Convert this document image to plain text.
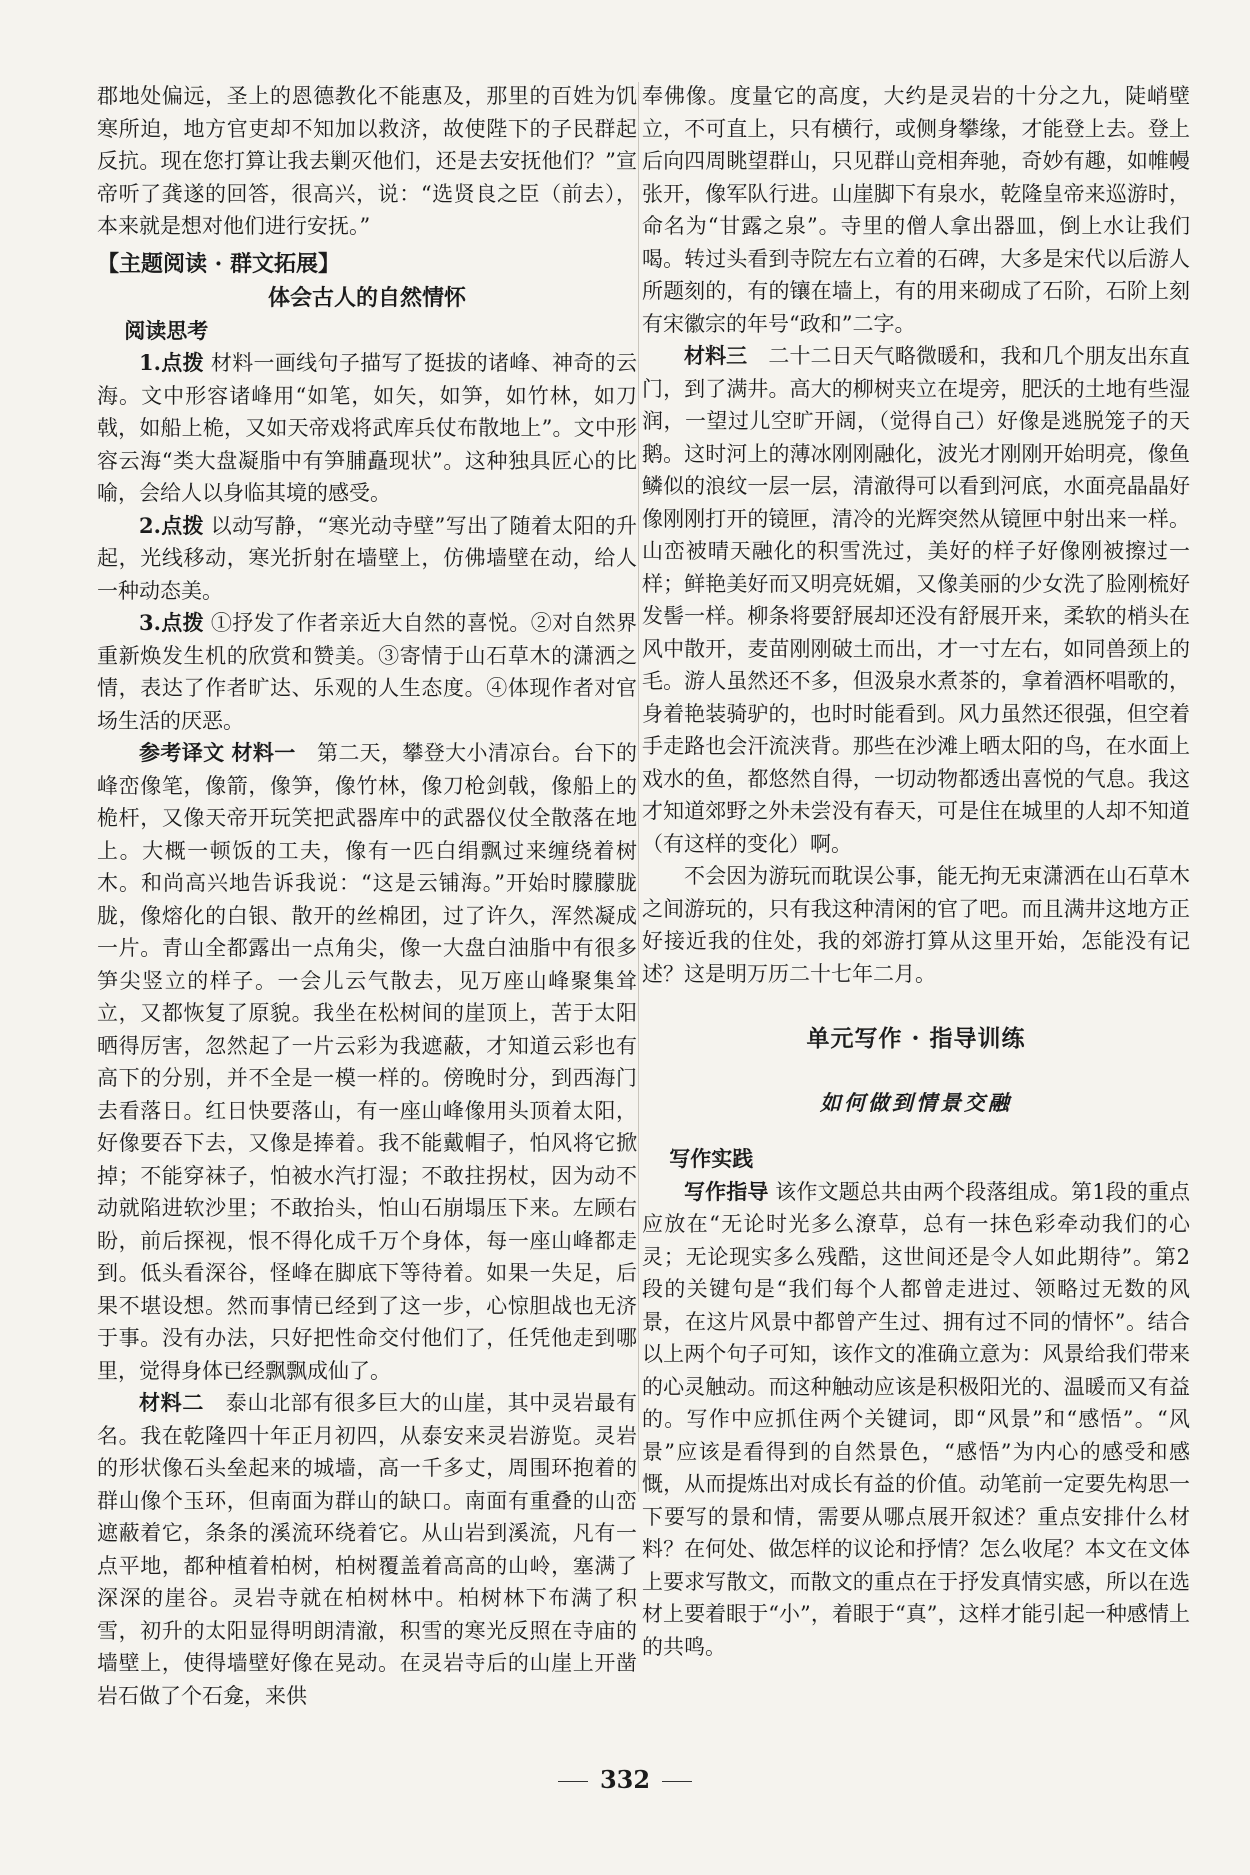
郡地处偏远，圣上的恩德教化不能惠及，那里的百姓为饥寒所迫，地方官吏却不知加以救济，故使陛下的子民群起反抗。现在您打算让我去剿灭他们，还是去安抚他们？”宣帝听了龚遂的回答，很高兴，说：“选贤良之臣（前去），本来就是想对他们进行安抚。”

【主题阅读 · 群文拓展】
体会古人的自然情怀
阅读思考

1.点拨 材料一画线句子描写了挺拔的诸峰、神奇的云海。文中形容诸峰用“如笔，如矢，如笋，如竹林，如刀戟，如船上桅，又如天帝戏将武库兵仗布散地上”。文中形容云海“类大盘凝脂中有笋脯矗现状”。这种独具匠心的比喻，会给人以身临其境的感受。

2.点拨 以动写静，“寒光动寺壁”写出了随着太阳的升起，光线移动，寒光折射在墙壁上，仿佛墙壁在动，给人一种动态美。

3.点拨 ①抒发了作者亲近大自然的喜悦。②对自然界重新焕发生机的欣赏和赞美。③寄情于山石草木的潇洒之情，表达了作者旷达、乐观的人生态度。④体现作者对官场生活的厌恶。

参考译文 材料一　第二天，攀登大小清凉台。台下的峰峦像笔，像箭，像笋，像竹林，像刀枪剑戟，像船上的桅杆，又像天帝开玩笑把武器库中的武器仪仗全散落在地上。大概一顿饭的工夫，像有一匹白绢飘过来缠绕着树木。和尚高兴地告诉我说：“这是云铺海。”开始时朦朦胧胧，像熔化的白银、散开的丝棉团，过了许久，浑然凝成一片。青山全都露出一点角尖，像一大盘白油脂中有很多笋尖竖立的样子。一会儿云气散去，见万座山峰聚集耸立，又都恢复了原貌。我坐在松树间的崖顶上，苦于太阳晒得厉害，忽然起了一片云彩为我遮蔽，才知道云彩也有高下的分别，并不全是一模一样的。傍晚时分，到西海门去看落日。红日快要落山，有一座山峰像用头顶着太阳，好像要吞下去，又像是捧着。我不能戴帽子，怕风将它掀掉；不能穿袜子，怕被水汽打湿；不敢拄拐杖，因为动不动就陷进软沙里；不敢抬头，怕山石崩塌压下来。左顾右盼，前后探视，恨不得化成千万个身体，每一座山峰都走到。低头看深谷，怪峰在脚底下等待着。如果一失足，后果不堪设想。然而事情已经到了这一步，心惊胆战也无济于事。没有办法，只好把性命交付他们了，任凭他走到哪里，觉得身体已经飘飘成仙了。

材料二　泰山北部有很多巨大的山崖，其中灵岩最有名。我在乾隆四十年正月初四，从泰安来灵岩游览。灵岩的形状像石头垒起来的城墙，高一千多丈，周围环抱着的群山像个玉环，但南面为群山的缺口。南面有重叠的山峦遮蔽着它，条条的溪流环绕着它。从山岩到溪流，凡有一点平地，都种植着柏树，柏树覆盖着高高的山岭，塞满了深深的崖谷。灵岩寺就在柏树林中。柏树林下布满了积雪，初升的太阳显得明朗清澈，积雪的寒光反照在寺庙的墙壁上，使得墙壁好像在晃动。在灵岩寺后的山崖上开凿岩石做了个石龛，来供

奉佛像。度量它的高度，大约是灵岩的十分之九，陡峭壁立，不可直上，只有横行，或侧身攀缘，才能登上去。登上后向四周眺望群山，只见群山竞相奔驰，奇妙有趣，如帷幔张开，像军队行进。山崖脚下有泉水，乾隆皇帝来巡游时，命名为“甘露之泉”。寺里的僧人拿出器皿，倒上水让我们喝。转过头看到寺院左右立着的石碑，大多是宋代以后游人所题刻的，有的镶在墙上，有的用来砌成了石阶，石阶上刻有宋徽宗的年号“政和”二字。

材料三　二十二日天气略微暖和，我和几个朋友出东直门，到了满井。高大的柳树夹立在堤旁，肥沃的土地有些湿润，一望过儿空旷开阔，（觉得自己）好像是逃脱笼子的天鹅。这时河上的薄冰刚刚融化，波光才刚刚开始明亮，像鱼鳞似的浪纹一层一层，清澈得可以看到河底，水面亮晶晶好像刚刚打开的镜匣，清冷的光辉突然从镜匣中射出来一样。山峦被晴天融化的积雪洗过，美好的样子好像刚被擦过一样；鲜艳美好而又明亮妩媚，又像美丽的少女洗了脸刚梳好发髻一样。柳条将要舒展却还没有舒展开来，柔软的梢头在风中散开，麦苗刚刚破土而出，才一寸左右，如同兽颈上的毛。游人虽然还不多，但汲泉水煮茶的，拿着酒杯唱歌的，身着艳装骑驴的，也时时能看到。风力虽然还很强，但空着手走路也会汗流浃背。那些在沙滩上晒太阳的鸟，在水面上戏水的鱼，都悠然自得，一切动物都透出喜悦的气息。我这才知道郊野之外未尝没有春天，可是住在城里的人却不知道（有这样的变化）啊。

不会因为游玩而耽误公事，能无拘无束潇洒在山石草木之间游玩的，只有我这种清闲的官了吧。而且满井这地方正好接近我的住处，我的郊游打算从这里开始，怎能没有记述？这是明万历二十七年二月。

单元写作 · 指导训练
如何做到情景交融
写作实践

写作指导 该作文题总共由两个段落组成。第1段的重点应放在“无论时光多么潦草，总有一抹色彩牵动我们的心灵；无论现实多么残酷，这世间还是令人如此期待”。第2段的关键句是“我们每个人都曾走进过、领略过无数的风景，在这片风景中都曾产生过、拥有过不同的情怀”。结合以上两个句子可知，该作文的准确立意为：风景给我们带来的心灵触动。而这种触动应该是积极阳光的、温暖而又有益的。写作中应抓住两个关键词，即“风景”和“感悟”。“风景”应该是看得到的自然景色，“感悟”为内心的感受和感慨，从而提炼出对成长有益的价值。动笔前一定要先构思一下要写的景和情，需要从哪点展开叙述？重点安排什么材料？在何处、做怎样的议论和抒情？怎么收尾？本文在文体上要求写散文，而散文的重点在于抒发真情实感，所以在选材上要着眼于“小”，着眼于“真”，这样才能引起一种感情上的共鸣。

332
